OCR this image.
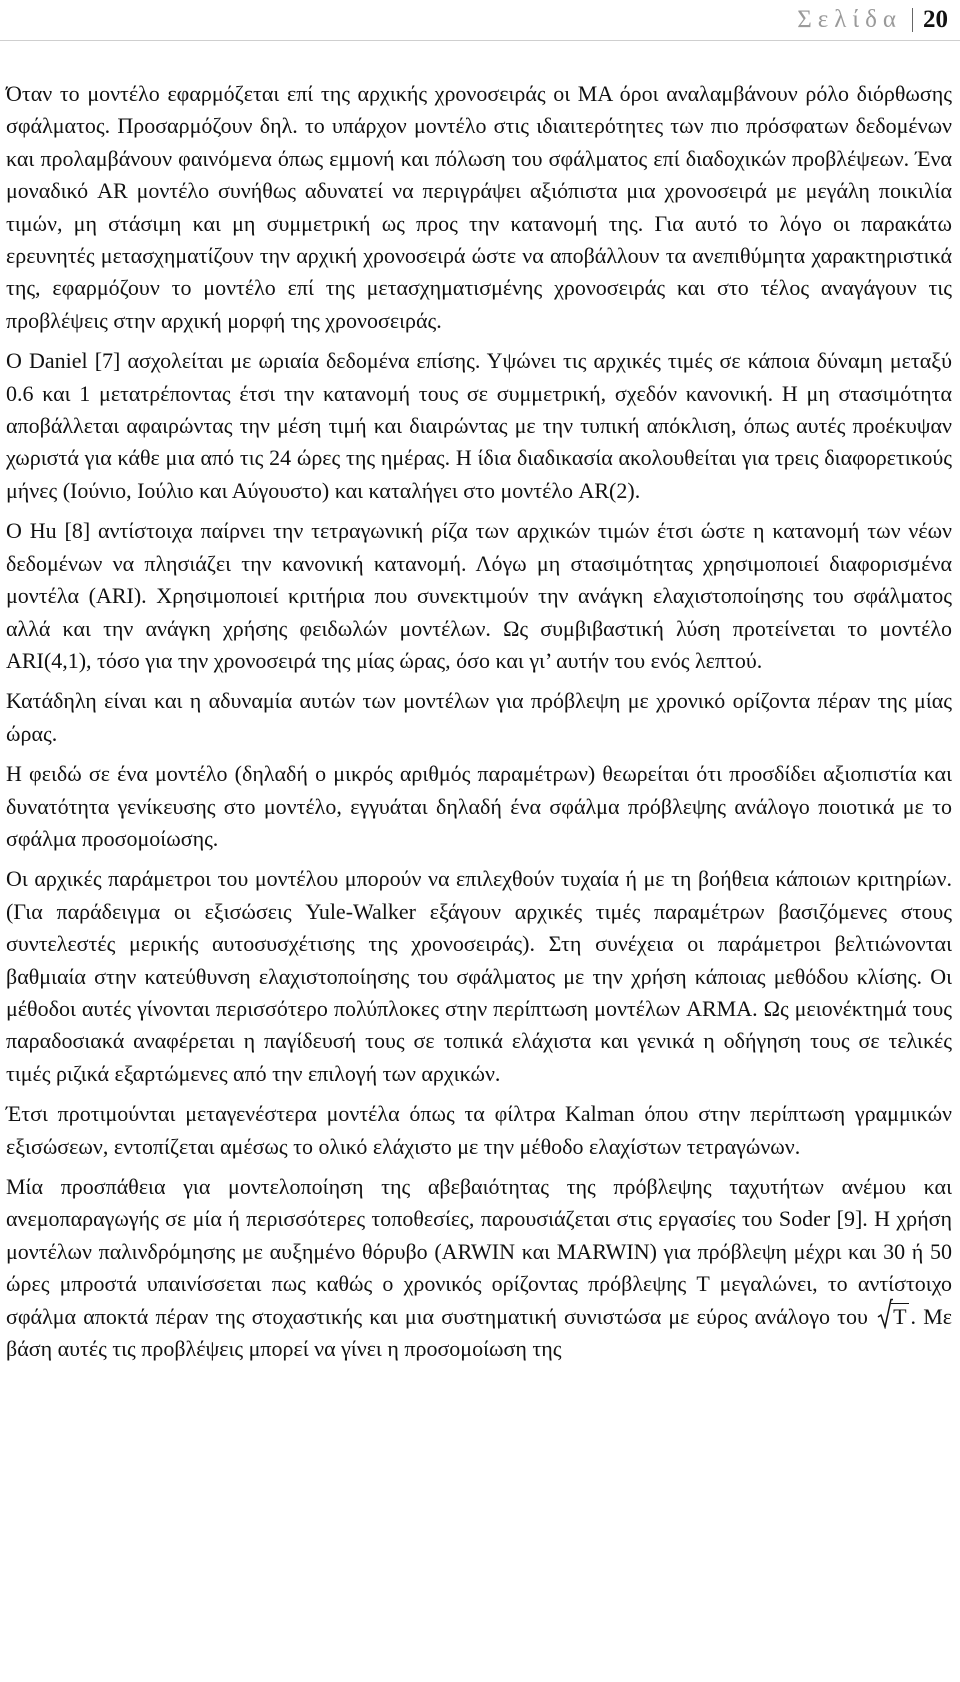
Σελίδα 20

Όταν το μοντέλο εφαρμόζεται επί της αρχικής χρονοσειράς οι MA όροι αναλαμβάνουν ρόλο διόρθωσης σφάλματος. Προσαρμόζουν δηλ. το υπάρχον μοντέλο στις ιδιαιτερότητες των πιο πρόσφατων δεδομένων και προλαμβάνουν φαινόμενα όπως εμμονή και πόλωση του σφάλματος επί διαδοχικών προβλέψεων. Ένα μοναδικό AR μοντέλο συνήθως αδυνατεί να περιγράψει αξιόπιστα μια χρονοσειρά με μεγάλη ποικιλία τιμών, μη στάσιμη και μη συμμετρική ως προς την κατανομή της. Για αυτό το λόγο οι παρακάτω ερευνητές μετασχηματίζουν την αρχική χρονοσειρά ώστε να αποβάλλουν τα ανεπιθύμητα χαρακτηριστικά της, εφαρμόζουν το μοντέλο επί της μετασχηματισμένης χρονοσειράς και στο τέλος αναγάγουν τις προβλέψεις στην αρχική μορφή της χρονοσειράς.

Ο Daniel [7] ασχολείται με ωριαία δεδομένα επίσης. Υψώνει τις αρχικές τιμές σε κάποια δύναμη μεταξύ 0.6 και 1 μετατρέποντας έτσι την κατανομή τους σε συμμετρική, σχεδόν κανονική. Η μη στασιμότητα αποβάλλεται αφαιρώντας την μέση τιμή και διαιρώντας με την τυπική απόκλιση, όπως αυτές προέκυψαν χωριστά για κάθε μια από τις 24 ώρες της ημέρας. Η ίδια διαδικασία ακολουθείται για τρεις διαφορετικούς μήνες (Ιούνιο, Ιούλιο και Αύγουστο) και καταλήγει στο μοντέλο AR(2).

Ο Hu [8] αντίστοιχα παίρνει την τετραγωνική ρίζα των αρχικών τιμών έτσι ώστε η κατανομή των νέων δεδομένων να πλησιάζει την κανονική κατανομή. Λόγω μη στασιμότητας χρησιμοποιεί διαφορισμένα μοντέλα (ARI). Χρησιμοποιεί κριτήρια που συνεκτιμούν την ανάγκη ελαχιστοποίησης του σφάλματος αλλά και την ανάγκη χρήσης φειδωλών μοντέλων. Ως συμβιβαστική λύση προτείνεται το μοντέλο ARI(4,1), τόσο για την χρονοσειρά της μίας ώρας, όσο και γι’ αυτήν του ενός λεπτού.

Κατάδηλη είναι και η αδυναμία αυτών των μοντέλων για πρόβλεψη με χρονικό ορίζοντα πέραν της μίας ώρας.

Η φειδώ σε ένα μοντέλο (δηλαδή ο μικρός αριθμός παραμέτρων) θεωρείται ότι προσδίδει αξιοπιστία και δυνατότητα γενίκευσης στο μοντέλο, εγγυάται δηλαδή ένα σφάλμα πρόβλεψης ανάλογο ποιοτικά με το σφάλμα προσομοίωσης.

Οι αρχικές παράμετροι του μοντέλου μπορούν να επιλεχθούν τυχαία ή με τη βοήθεια κάποιων κριτηρίων. (Για παράδειγμα οι εξισώσεις Yule-Walker εξάγουν αρχικές τιμές παραμέτρων βασιζόμενες στους συντελεστές μερικής αυτοσυσχέτισης της χρονοσειράς). Στη συνέχεια οι παράμετροι βελτιώνονται βαθμιαία στην κατεύθυνση ελαχιστοποίησης του σφάλματος με την χρήση κάποιας μεθόδου κλίσης. Οι μέθοδοι αυτές γίνονται περισσότερο πολύπλοκες στην περίπτωση μοντέλων ARMA. Ως μειονέκτημά τους παραδοσιακά αναφέρεται η παγίδευσή τους σε τοπικά ελάχιστα και γενικά η οδήγηση τους σε τελικές τιμές ριζικά εξαρτώμενες από την επιλογή των αρχικών.

Έτσι προτιμούνται μεταγενέστερα μοντέλα όπως τα φίλτρα Kalman όπου στην περίπτωση γραμμικών εξισώσεων, εντοπίζεται αμέσως το ολικό ελάχιστο με την μέθοδο ελαχίστων τετραγώνων.

Μία προσπάθεια για μοντελοποίηση της αβεβαιότητας της πρόβλεψης ταχυτήτων ανέμου και ανεμοπαραγωγής σε μία ή περισσότερες τοποθεσίες, παρουσιάζεται στις εργασίες του Soder [9]. Η χρήση μοντέλων παλινδρόμησης με αυξημένο θόρυβο (ARWIN και MARWIN) για πρόβλεψη μέχρι και 30 ή 50 ώρες μπροστά υπαινίσσεται πως καθώς ο χρονικός ορίζοντας πρόβλεψης T μεγαλώνει, το αντίστοιχο σφάλμα αποκτά πέραν της στοχαστικής και μια συστηματική συνιστώσα με εύρος ανάλογο του T . Με βάση αυτές τις προβλέψεις μπορεί να γίνει η προσομοίωση της
